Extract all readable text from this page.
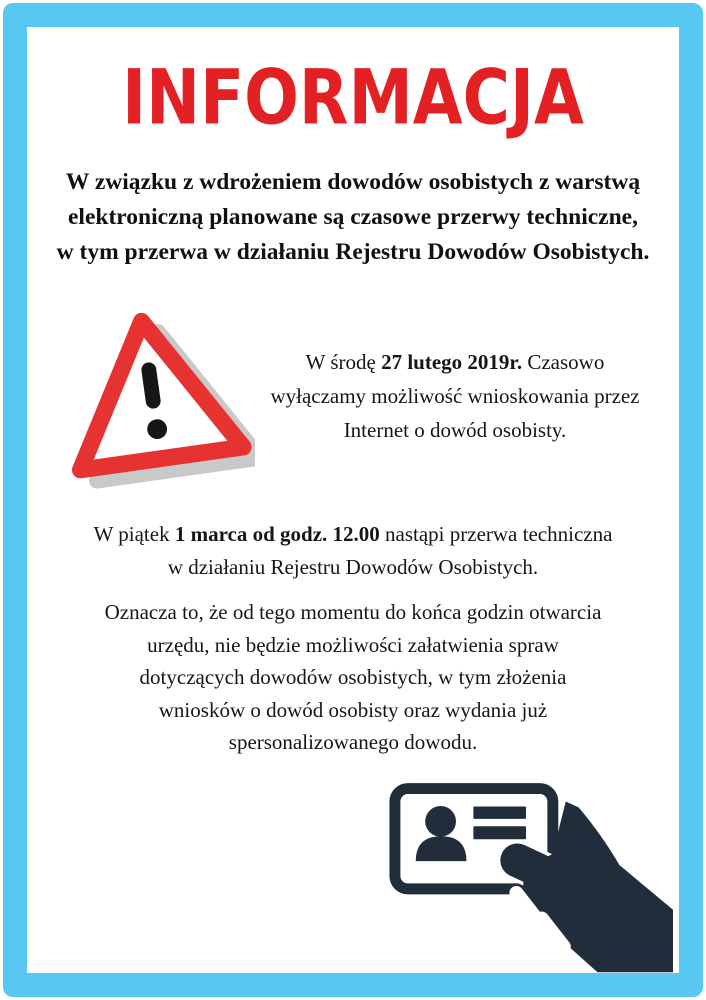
INFORMACJA
W związku z wdrożeniem dowodów osobistych z warstwą
elektroniczną planowane są czasowe przerwy techniczne,
w tym przerwa w działaniu Rejestru Dowodów Osobistych.
W środę 27 lutego 2019r. Czasowo
wyłączamy możliwość wnioskowania przez
Internet o dowód osobisty.
W piątek 1 marca od godz. 12.00 nastąpi przerwa techniczna
w działaniu Rejestru Dowodów Osobistych.
Oznacza to, że od tego momentu do końca godzin otwarcia
urzędu, nie będzie możliwości załatwienia spraw
dotyczących dowodów osobistych, w tym złożenia
wniosków o dowód osobisty oraz wydania już
spersonalizowanego dowodu.
